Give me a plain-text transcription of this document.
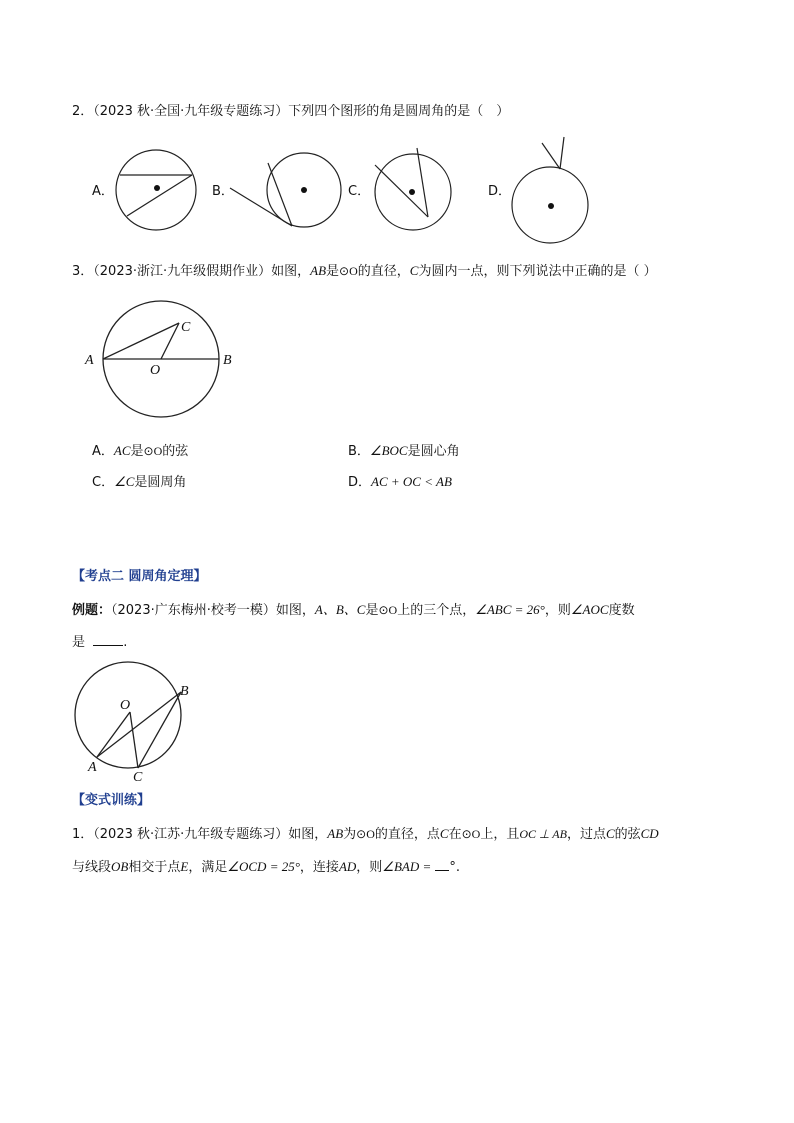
2．（2023 秋·全国·九年级专题练习）下列四个图形的角是圆周角的是（　）
A．	B．	C．	D．
3．（2023·浙江·九年级假期作业）如图，AB是⊙O的直径，C为圆内一点，则下列说法中正确的是（ ）
A	B
C
O
A．AC是⊙O的弦	B．∠BOC是圆心角
C．∠C是圆周角	D．AC + OC < AB
【考点二 圆周角定理】
例题：（2023·广东梅州·校考一模）如图，A、B、C是⊙O上的三个点，∠ABC = 26°，则∠AOC度数
是	.
O
B
A
C
【变式训练】
1．（2023 秋·江苏·九年级专题练习）如图，AB为⊙O的直径，点C在⊙O上，且OC ⊥ AB，过点C的弦CD
与线段OB相交于点E，满足∠OCD = 25°，连接AD，则∠BAD = °.
